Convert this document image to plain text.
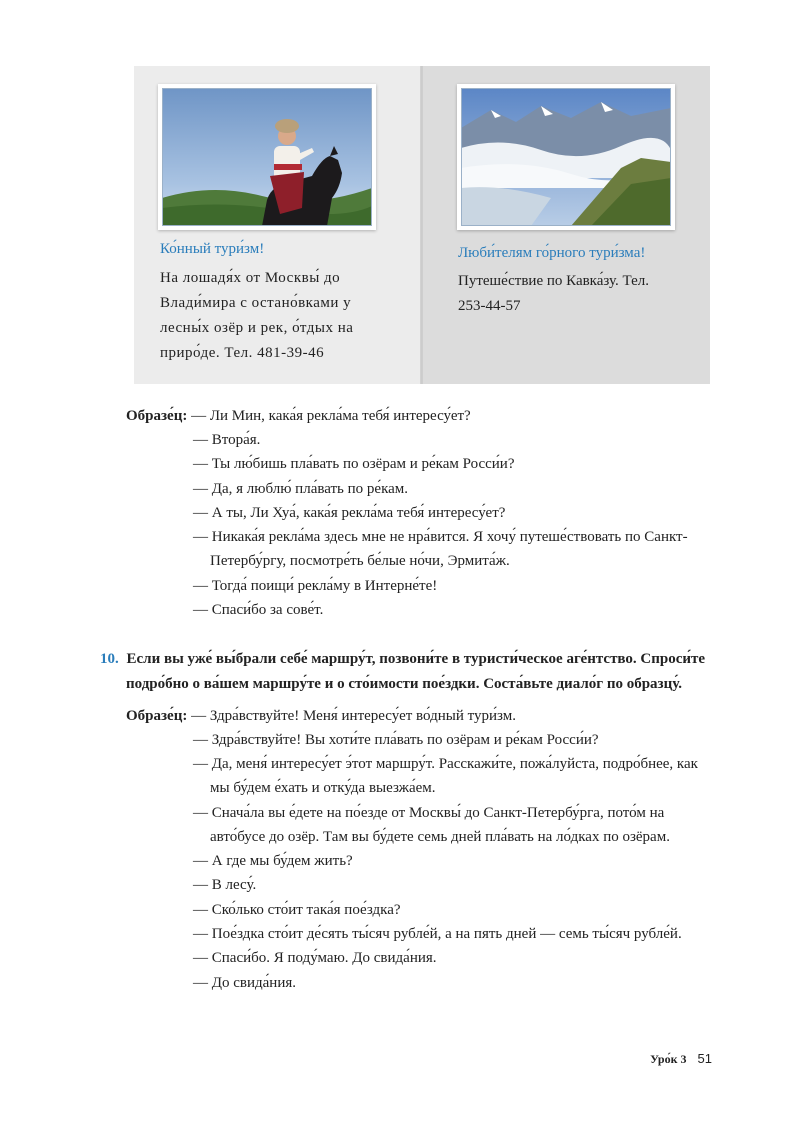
Ко́нный тури́зм!
На лошадя́х от Москвы́ до
Влади́мира с остано́вками у
лесны́х озёр и рек, о́тдых на
приро́де. Тел. 481-39-46
Люби́телям го́рного тури́зма!
Путеше́ствие по Кавка́зу. Тел.
253-44-57
Образе́ц: — Ли Мин, кака́я рекла́ма тебя́ интересу́ет?
— Втора́я.
— Ты лю́бишь пла́вать по озёрам и ре́кам Росси́и?
— Да, я люблю́ пла́вать по ре́кам.
— А ты, Ли Хуа́, кака́я рекла́ма тебя́ интересу́ет?
— Никака́я рекла́ма здесь мне не нра́вится. Я хочу́ путеше́ствовать по Санкт-
Петербу́ргу, посмотре́ть бе́лые но́чи, Эрмита́ж.
— Тогда́ поищи́ рекла́му в Интерне́те!
— Спаси́бо за сове́т.
10. Если вы уже́ вы́брали себе́ маршру́т, позвони́те в туристи́ческое аге́нтство. Спроси́те
подро́бно о ва́шем маршру́те и о сто́имости пое́здки. Соста́вьте диало́г по образцу́.
Образе́ц: — Здра́вствуйте! Меня́ интересу́ет во́дный тури́зм.
— Здра́вствуйте! Вы хоти́те пла́вать по озёрам и ре́кам Росси́и?
— Да, меня́ интересу́ет э́тот маршру́т. Расскажи́те, пожа́луйста, подро́бнее, как
мы бу́дем е́хать и отку́да выезжа́ем.
— Снача́ла вы е́дете на по́езде от Москвы́ до Санкт-Петербу́рга, пото́м на
авто́бусе до озёр. Там вы бу́дете семь дней пла́вать на ло́дках по озёрам.
— А где мы бу́дем жить?
— В лесу́.
— Ско́лько сто́ит така́я пое́здка?
— Пое́здка сто́ит де́сять ты́сяч рубле́й, а на пять дней — семь ты́сяч рубле́й.
— Спаси́бо. Я поду́маю. До свида́ния.
— До свида́ния.
Уро́к 3 51
